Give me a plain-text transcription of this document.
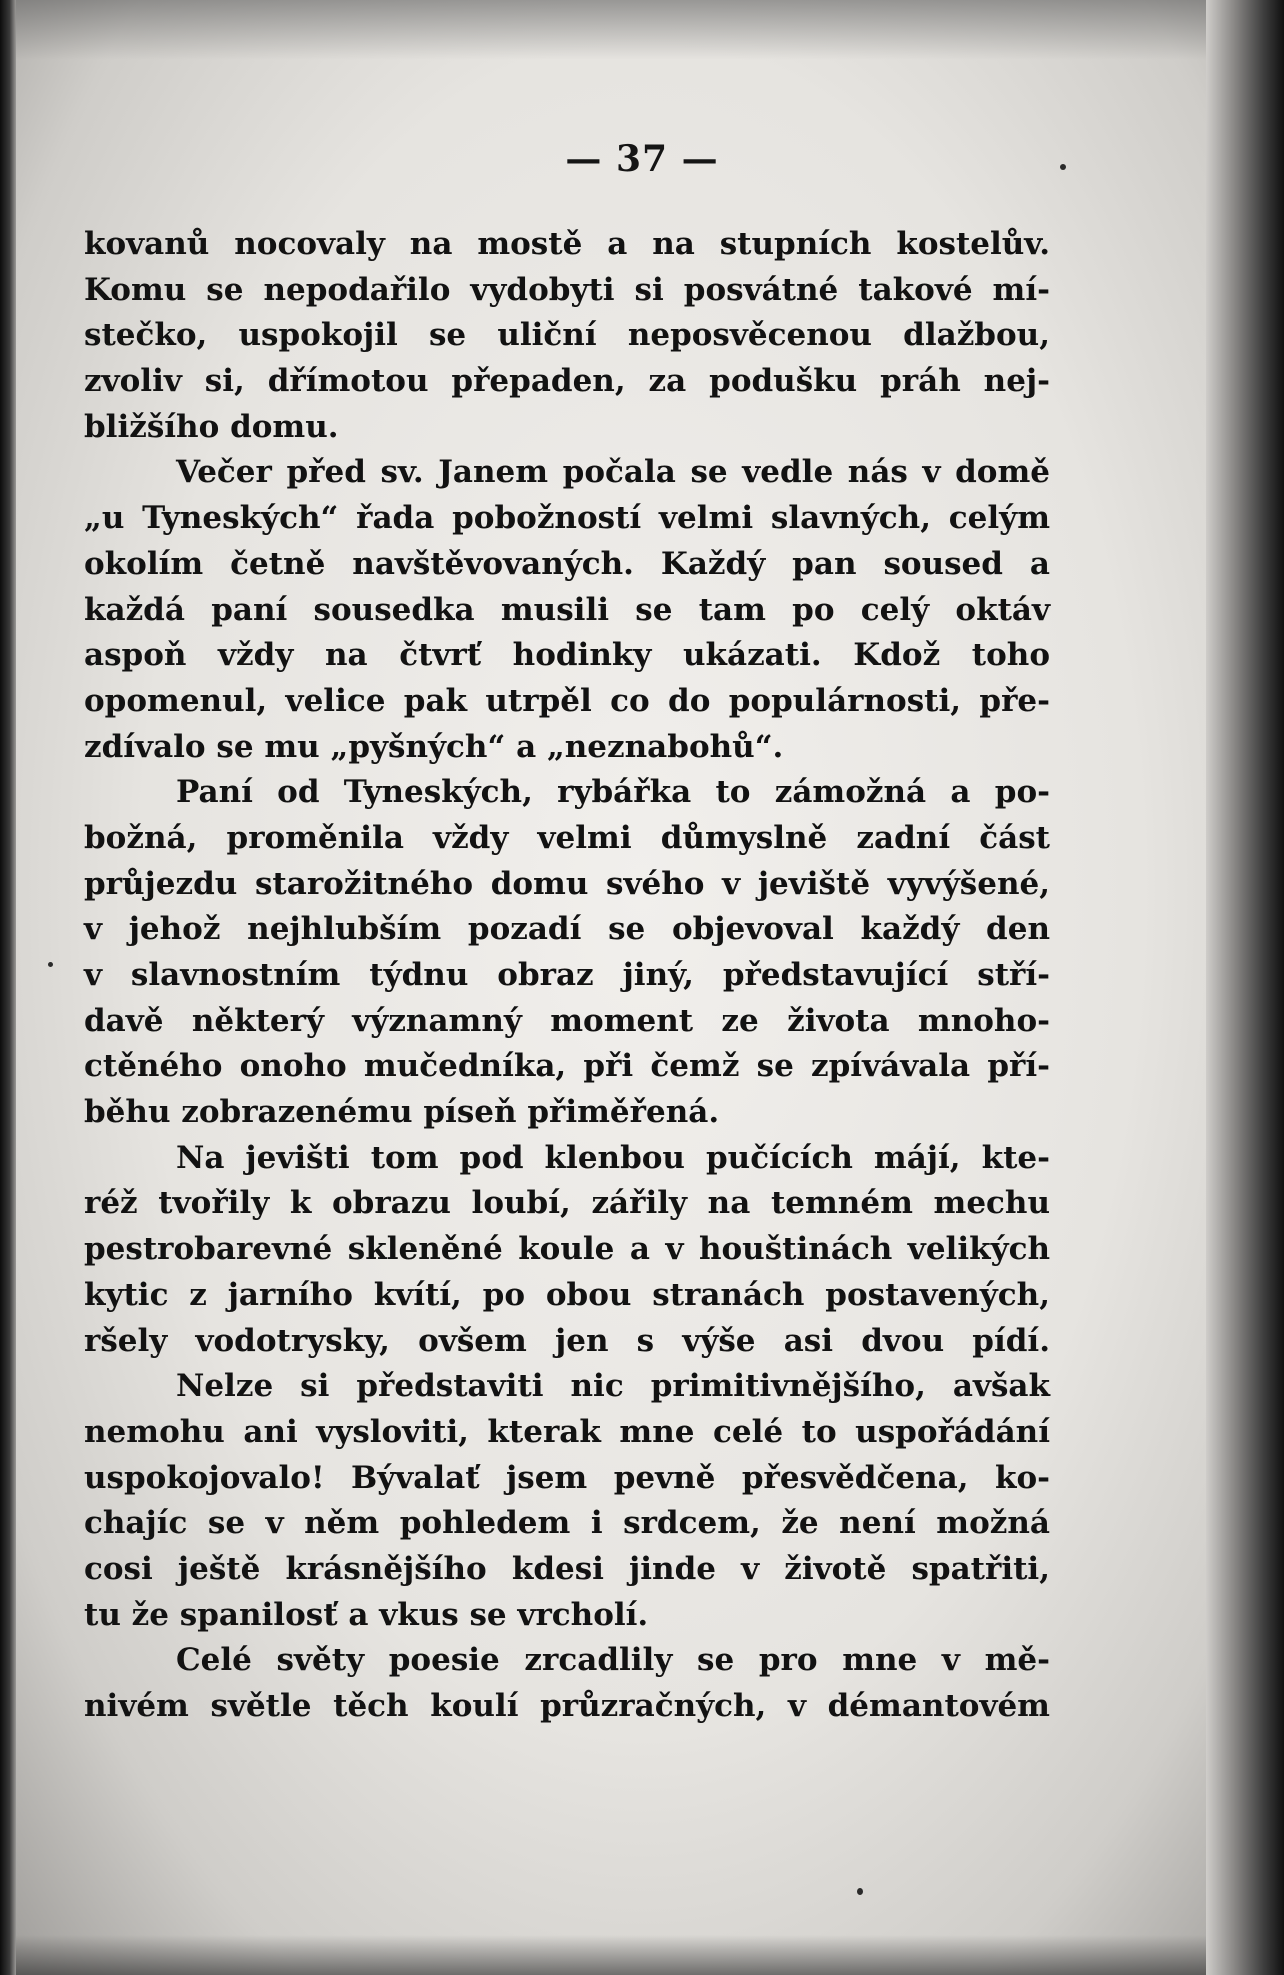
— 37 —
kovanů nocovaly na mostě a na stupních kostelův.
Komu se nepodařilo vydobyti si posvátné takové mí-
stečko, uspokojil se uliční neposvěcenou dlažbou,
zvoliv si, dřímotou přepaden, za podušku práh nej-
bližšího domu.
Večer před sv. Janem počala se vedle nás v domě
„u Tyneských“ řada pobožností velmi slavných, celým
okolím četně navštěvovaných. Každý pan soused a
každá paní sousedka musili se tam po celý oktáv
aspoň vždy na čtvrť hodinky ukázati. Kdož toho
opomenul, velice pak utrpěl co do populárnosti, pře-
zdívalo se mu „pyšných“ a „neznabohů“.
Paní od Tyneských, rybářka to zámožná a po-
božná, proměnila vždy velmi důmyslně zadní část
průjezdu starožitného domu svého v jeviště vyvýšené,
v jehož nejhlubším pozadí se objevoval každý den
v slavnostním týdnu obraz jiný, představující stří-
davě některý významný moment ze života mnoho-
ctěného onoho mučedníka, při čemž se zpívávala pří-
běhu zobrazenému píseň přiměřená.
Na jevišti tom pod klenbou pučících májí, kte-
réž tvořily k obrazu loubí, zářily na temném mechu
pestrobarevné skleněné koule a v houštinách velikých
kytic z jarního kvítí, po obou stranách postavených,
ršely vodotrysky, ovšem jen s výše asi dvou pídí.
Nelze si představiti nic primitivnějšího, avšak
nemohu ani vysloviti, kterak mne celé to uspořádání
uspokojovalo! Bývalať jsem pevně přesvědčena, ko-
chajíc se v něm pohledem i srdcem, že není možná
cosi ještě krásnějšího kdesi jinde v životě spatřiti,
tu že spanilosť a vkus se vrcholí.
Celé světy poesie zrcadlily se pro mne v mě-
nivém světle těch koulí průzračných, v démantovém
